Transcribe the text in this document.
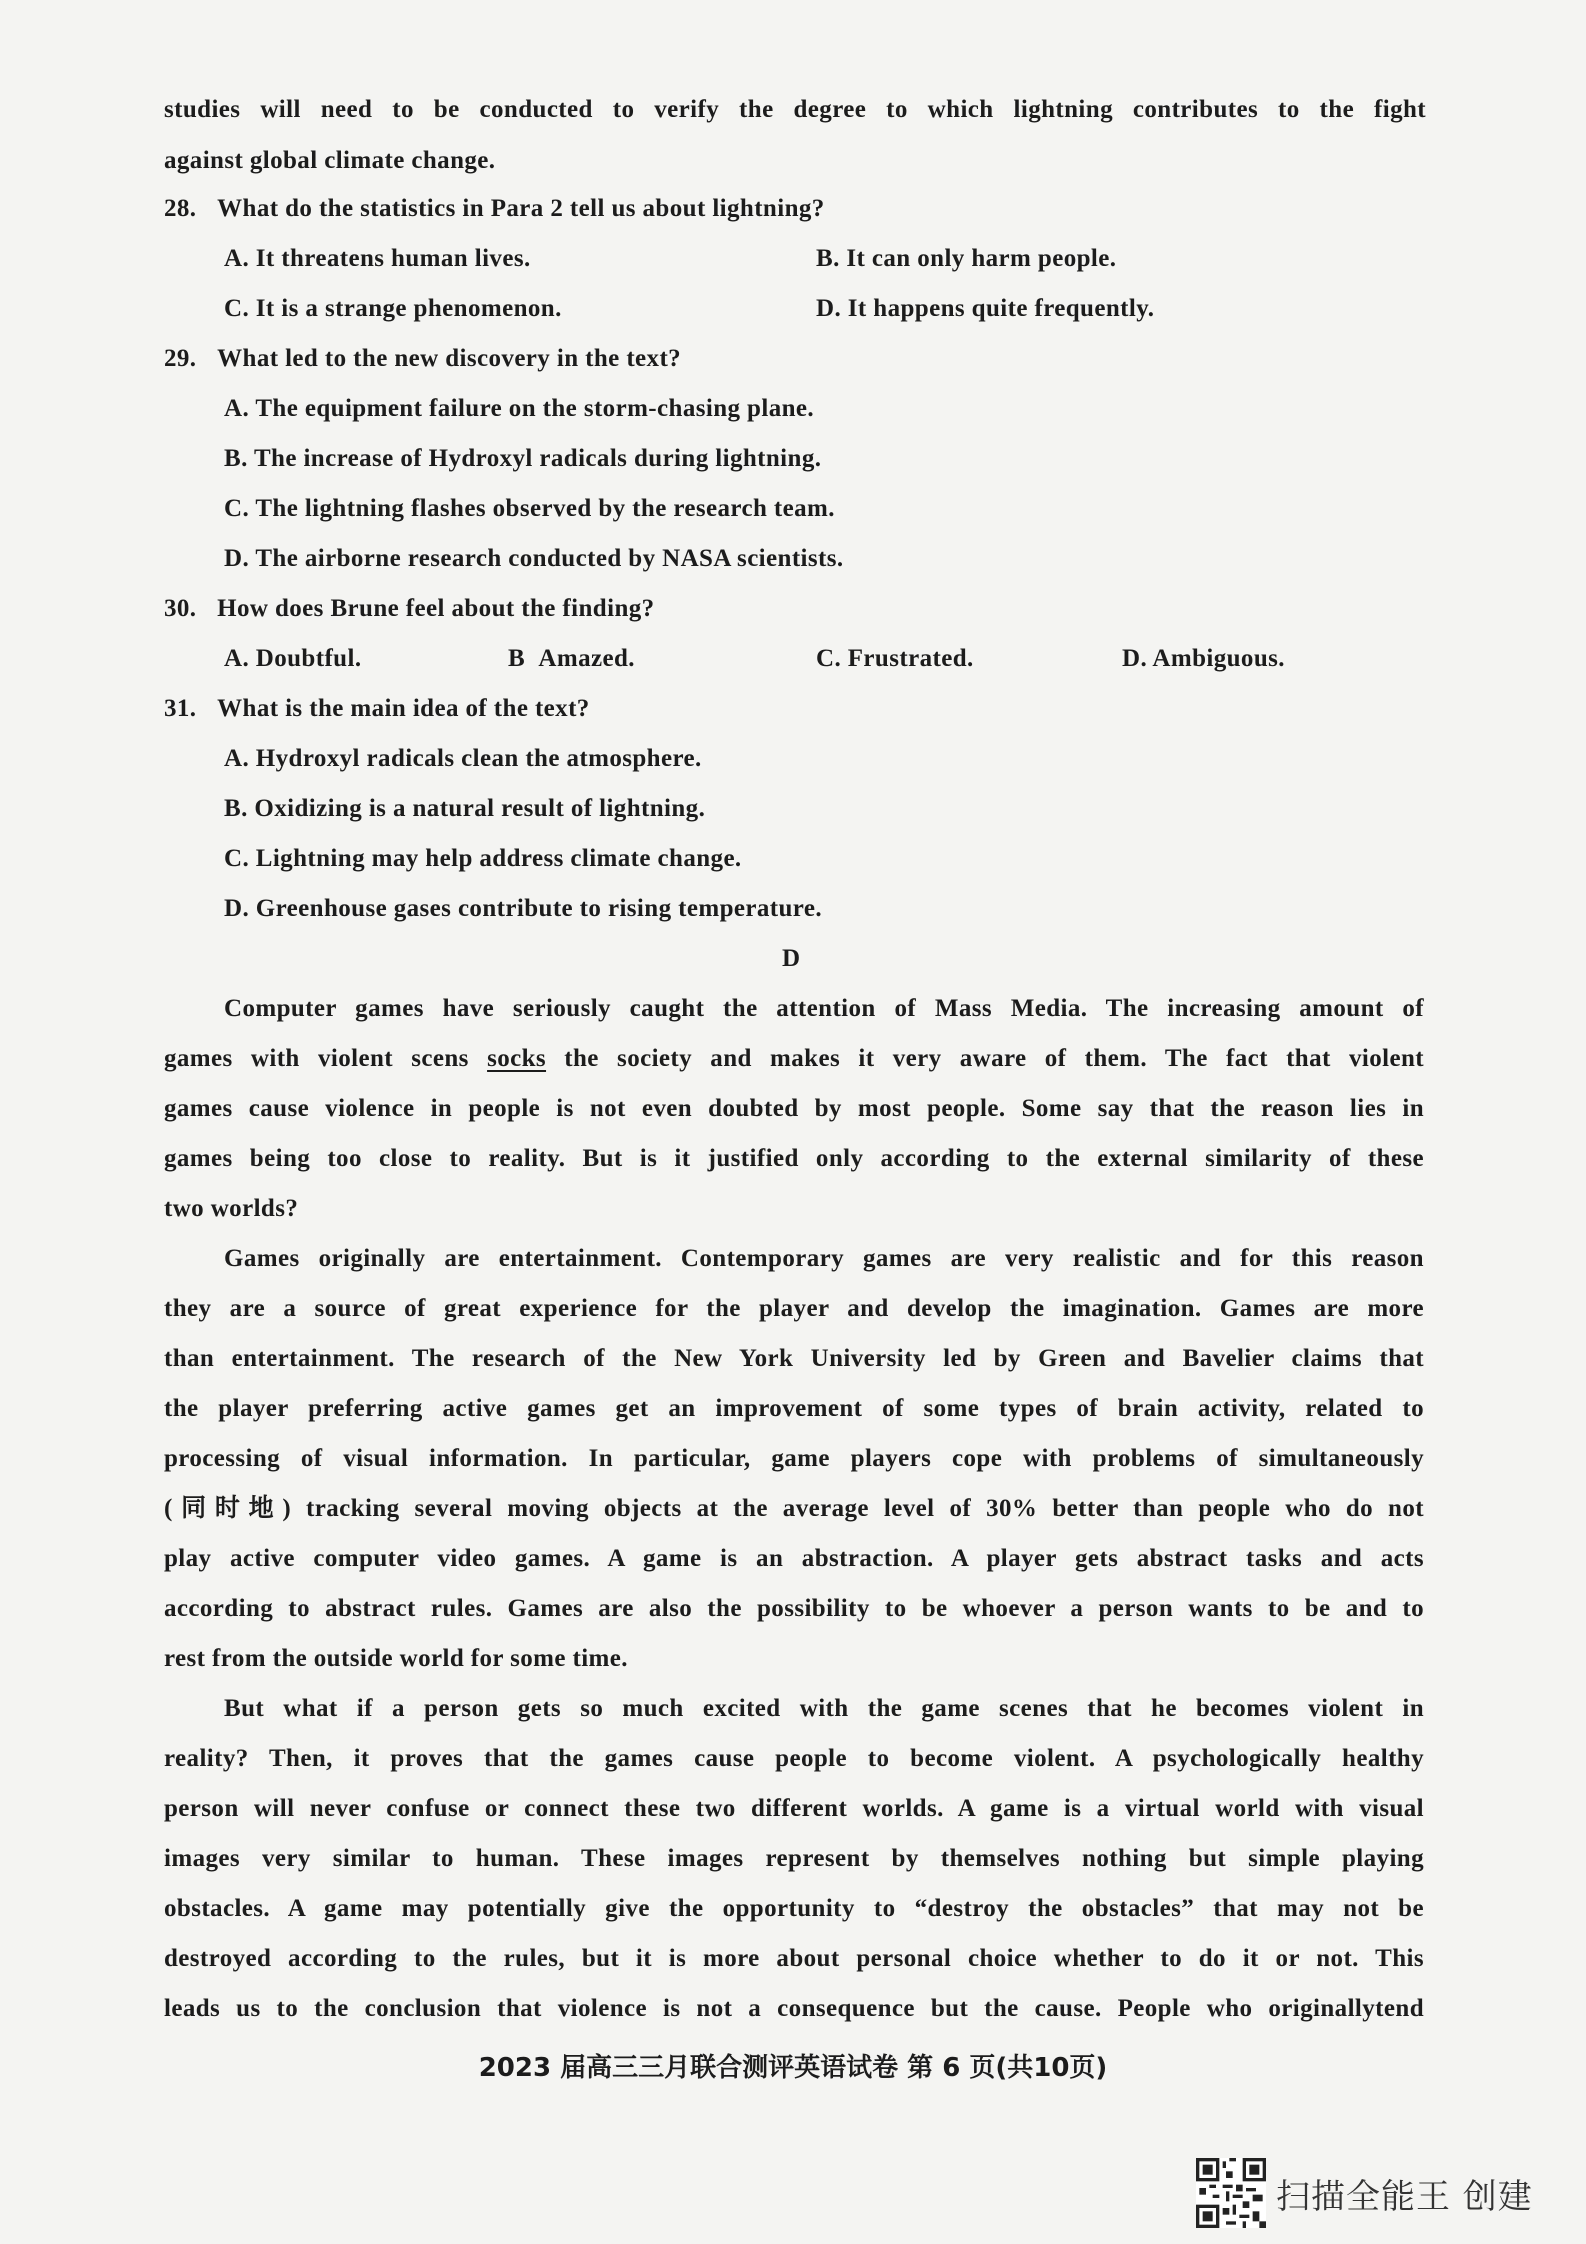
studies will need to be conducted to verify the degree to which lightning contributes to the fight
against global climate change.
28. What do the statistics in Para 2 tell us about lightning?
A. It threatens human lives.	B. It can only harm people.
C. It is a strange phenomenon.	D. It happens quite frequently.
29. What led to the new discovery in the text?
A. The equipment failure on the storm-chasing plane.
B. The increase of Hydroxyl radicals during lightning.
C. The lightning flashes observed by the research team.
D. The airborne research conducted by NASA scientists.
30. How does Brune feel about the finding?
A. Doubtful.	B Amazed.	C. Frustrated.	D. Ambiguous.
31. What is the main idea of the text?
A. Hydroxyl radicals clean the atmosphere.
B. Oxidizing is a natural result of lightning.
C. Lightning may help address climate change.
D. Greenhouse gases contribute to rising temperature.
D
Computer games have seriously caught the attention of Mass Media. The increasing amount of
games with violent scens socks the society and makes it very aware of them. The fact that violent
games cause violence in people is not even doubted by most people. Some say that the reason lies in
games being too close to reality. But is it justified only according to the external similarity of these
two worlds?
Games originally are entertainment. Contemporary games are very realistic and for this reason
they are a source of great experience for the player and develop the imagination. Games are more
than entertainment. The research of the New York University led by Green and Bavelier claims that
the player preferring active games get an improvement of some types of brain activity, related to
processing of visual information. In particular, game players cope with problems of simultaneously
(同时地) tracking several moving objects at the average level of 30% better than people who do not
play active computer video games. A game is an abstraction. A player gets abstract tasks and acts
according to abstract rules. Games are also the possibility to be whoever a person wants to be and to
rest from the outside world for some time.
But what if a person gets so much excited with the game scenes that he becomes violent in
reality? Then, it proves that the games cause people to become violent. A psychologically healthy
person will never confuse or connect these two different worlds. A game is a virtual world with visual
images very similar to human. These images represent by themselves nothing but simple playing
obstacles. A game may potentially give the opportunity to “destroy the obstacles” that may not be
destroyed according to the rules, but it is more about personal choice whether to do it or not. This
leads us to the conclusion that violence is not a consequence but the cause. People who originallytend
2023 届高三三月联合测评英语试卷 第 6 页(共10页)
扫描全能王 创建
